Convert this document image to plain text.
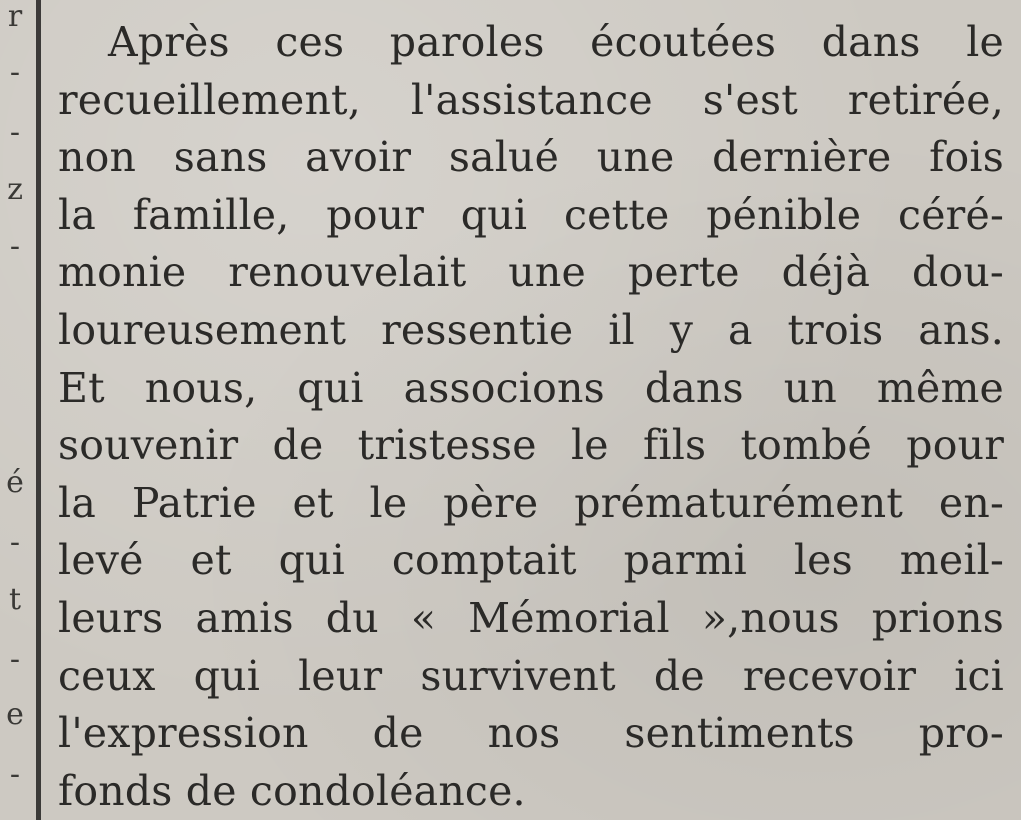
r
-
-
z
-
é
-
t
-
e
-
Après ces paroles écoutées dans le
recueillement, l'assistance s'est retirée,
non sans avoir salué une dernière fois
la famille, pour qui cette pénible céré-
monie renouvelait une perte déjà dou-
loureusement ressentie il y a trois ans.
Et nous, qui associons dans un même
souvenir de tristesse le fils tombé pour
la Patrie et le père prématurément en-
levé et qui comptait parmi les meil-
leurs amis du « Mémorial »,nous prions
ceux qui leur survivent de recevoir ici
l'expression de nos sentiments pro-
fonds de condoléance.
